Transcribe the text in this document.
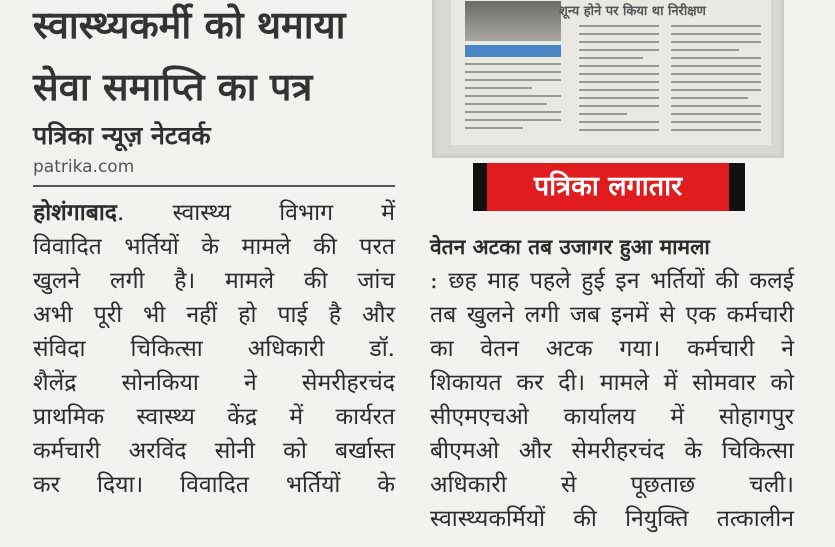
स्वास्थ्यकर्मी को थमाया
सेवा समाप्ति का पत्र
पत्रिका न्यूज़ नेटवर्क
patrika.com
होशंगाबाद. स्वास्थ्य विभाग में
विवादित भर्तियों के मामले की परत
खुलने लगी है। मामले की जांच
अभी पूरी भी नहीं हो पाई है और
संविदा चिकित्सा अधिकारी डॉ.
शैलेंद्र सोनकिया ने सेमरीहरचंद
प्राथमिक स्वास्थ्य केंद्र में कार्यरत
कर्मचारी अरविंद सोनी को बर्खास्त
कर दिया। विवादित भर्तियों के
शून्य होने पर किया था निरीक्षण
पत्रिका लगातार
वेतन अटका तब उजागर हुआ मामला
: छह माह पहले हुई इन भर्तियों की कलई
तब खुलने लगी जब इनमें से एक कर्मचारी
का वेतन अटक गया। कर्मचारी ने
शिकायत कर दी। मामले में सोमवार को
सीएमएचओ कार्यालय में सोहागपुर
बीएमओ और सेमरीहरचंद के चिकित्सा
अधिकारी से पूछताछ चली।
स्वास्थ्यकर्मियों की नियुक्ति तत्कालीन
